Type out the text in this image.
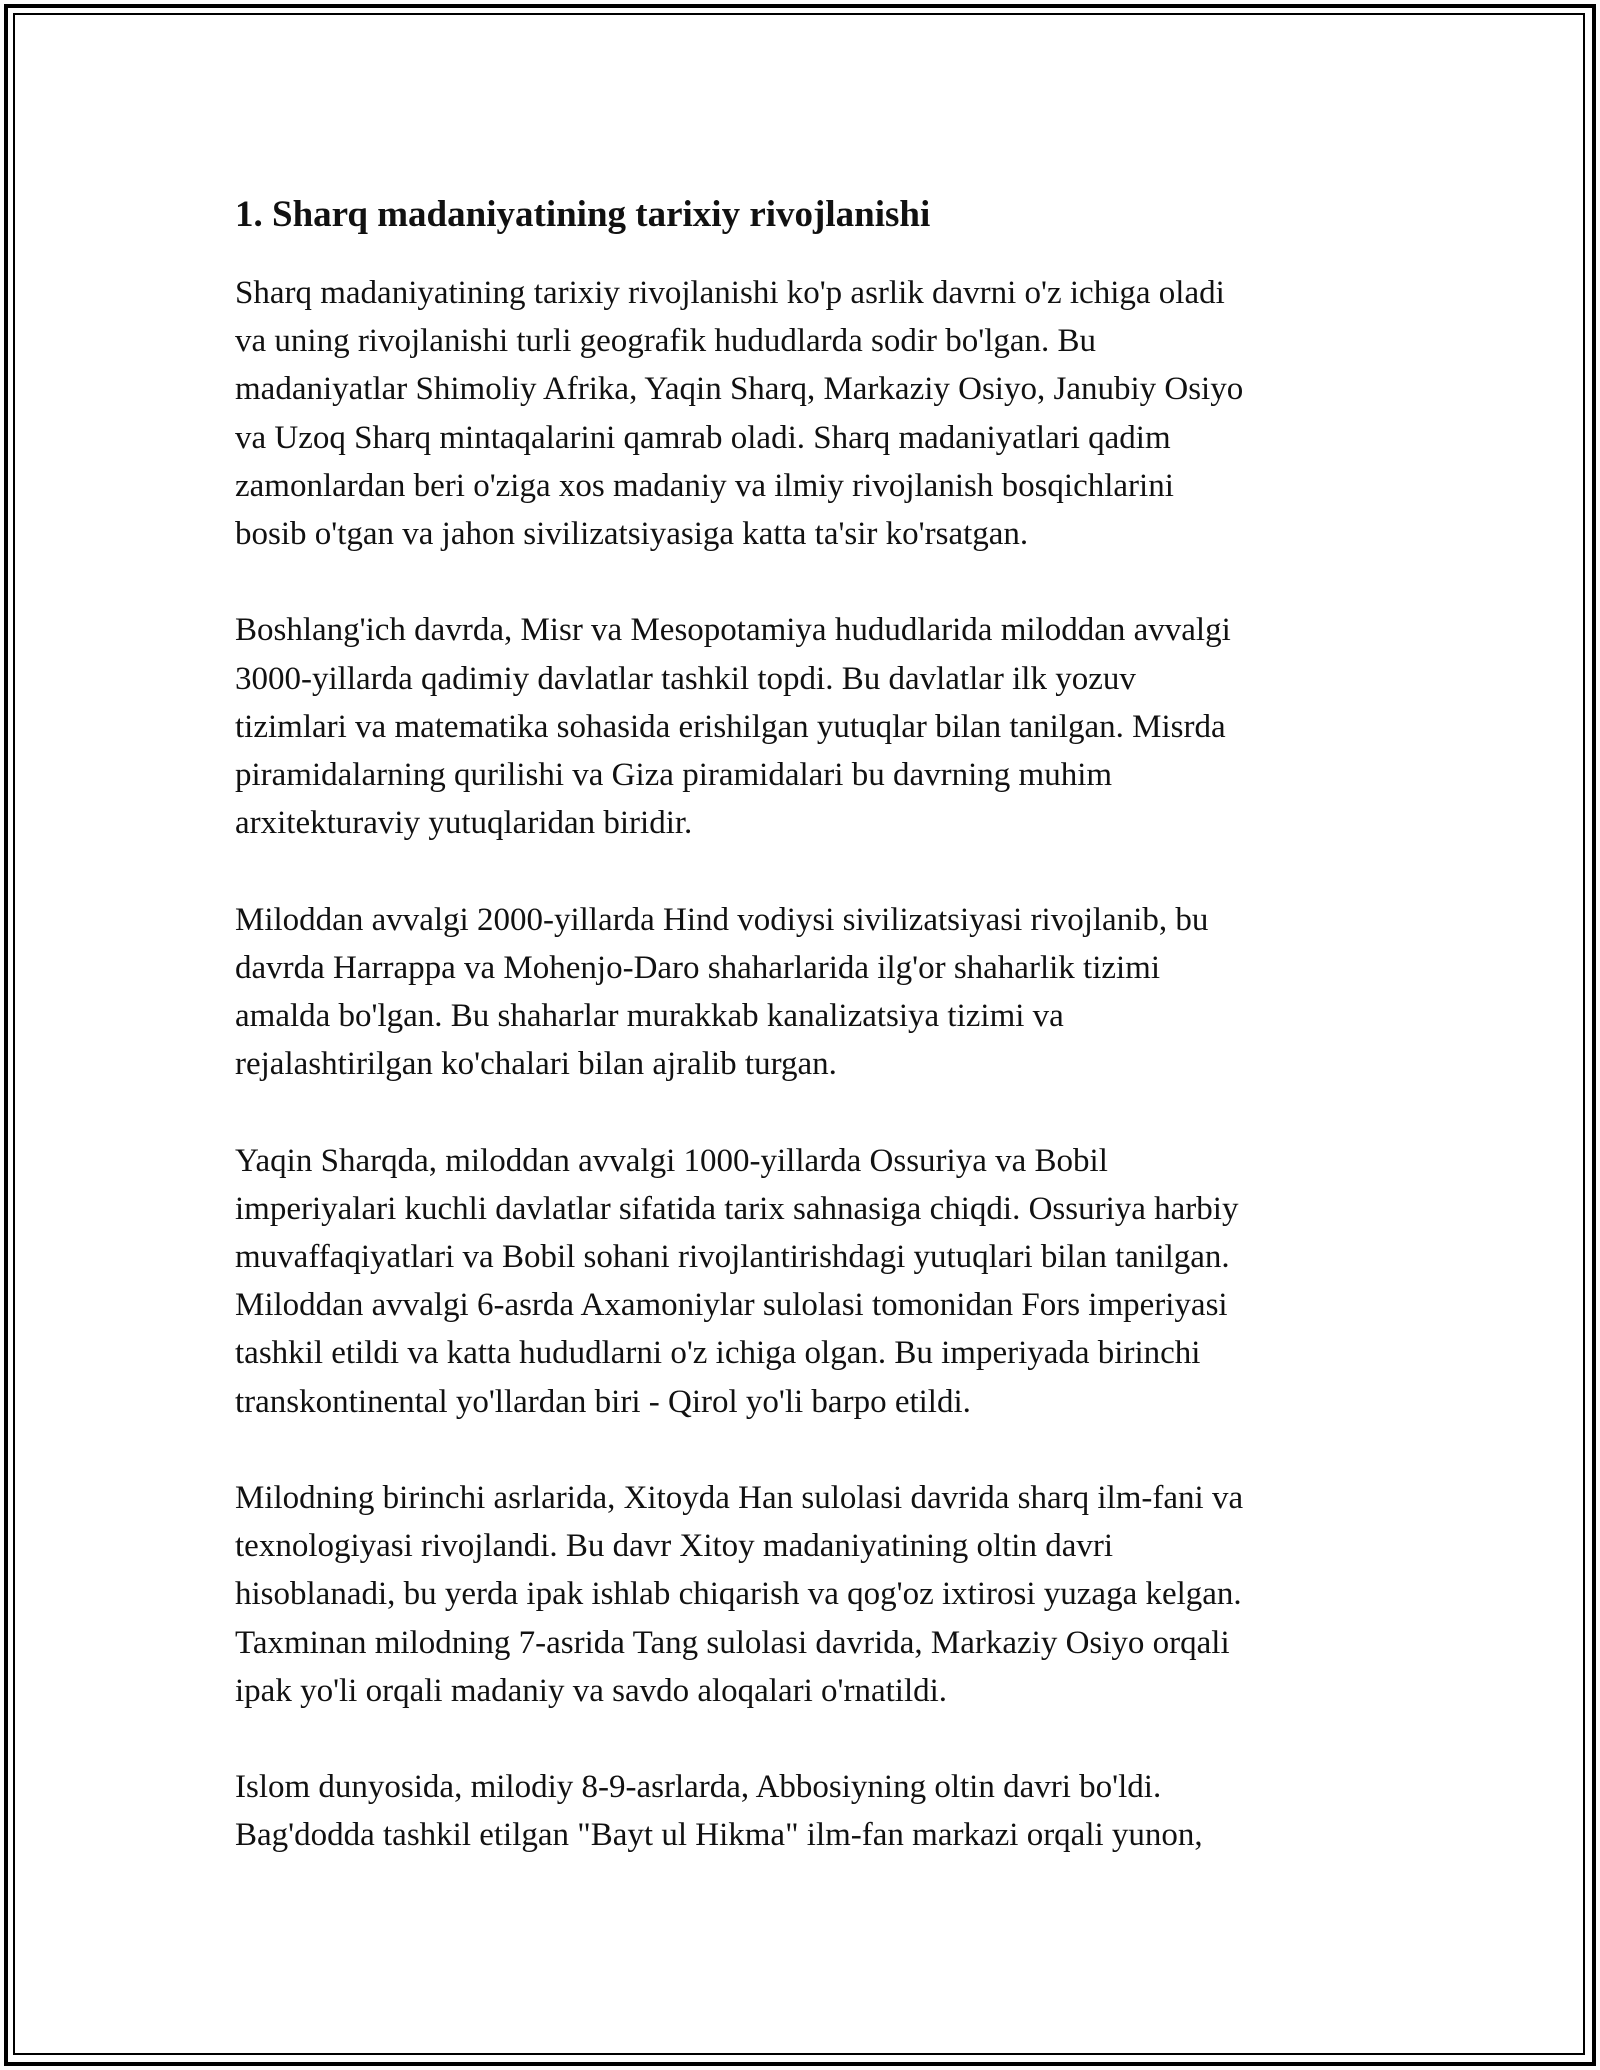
1. Sharq madaniyatining tarixiy rivojlanishi
Sharq madaniyatining tarixiy rivojlanishi ko'p asrlik davrni o'z ichiga oladi
va uning rivojlanishi turli geografik hududlarda sodir bo'lgan. Bu
madaniyatlar Shimoliy Afrika, Yaqin Sharq, Markaziy Osiyo, Janubiy Osiyo
va Uzoq Sharq mintaqalarini qamrab oladi. Sharq madaniyatlari qadim
zamonlardan beri o'ziga xos madaniy va ilmiy rivojlanish bosqichlarini
bosib o'tgan va jahon sivilizatsiyasiga katta ta'sir ko'rsatgan.
Boshlang'ich davrda, Misr va Mesopotamiya hududlarida miloddan avvalgi
3000-yillarda qadimiy davlatlar tashkil topdi. Bu davlatlar ilk yozuv
tizimlari va matematika sohasida erishilgan yutuqlar bilan tanilgan. Misrda
piramidalarning qurilishi va Giza piramidalari bu davrning muhim
arxitekturaviy yutuqlaridan biridir.
Miloddan avvalgi 2000-yillarda Hind vodiysi sivilizatsiyasi rivojlanib, bu
davrda Harrappa va Mohenjo-Daro shaharlarida ilg'or shaharlik tizimi
amalda bo'lgan. Bu shaharlar murakkab kanalizatsiya tizimi va
rejalashtirilgan ko'chalari bilan ajralib turgan.
Yaqin Sharqda, miloddan avvalgi 1000-yillarda Ossuriya va Bobil
imperiyalari kuchli davlatlar sifatida tarix sahnasiga chiqdi. Ossuriya harbiy
muvaffaqiyatlari va Bobil sohani rivojlantirishdagi yutuqlari bilan tanilgan.
Miloddan avvalgi 6-asrda Axamoniylar sulolasi tomonidan Fors imperiyasi
tashkil etildi va katta hududlarni o'z ichiga olgan. Bu imperiyada birinchi
transkontinental yo'llardan biri - Qirol yo'li barpo etildi.
Milodning birinchi asrlarida, Xitoyda Han sulolasi davrida sharq ilm-fani va
texnologiyasi rivojlandi. Bu davr Xitoy madaniyatining oltin davri
hisoblanadi, bu yerda ipak ishlab chiqarish va qog'oz ixtirosi yuzaga kelgan.
Taxminan milodning 7-asrida Tang sulolasi davrida, Markaziy Osiyo orqali
ipak yo'li orqali madaniy va savdo aloqalari o'rnatildi.
Islom dunyosida, milodiy 8-9-asrlarda, Abbosiyning oltin davri bo'ldi.
Bag'dodda tashkil etilgan "Bayt ul Hikma" ilm-fan markazi orqali yunon,
